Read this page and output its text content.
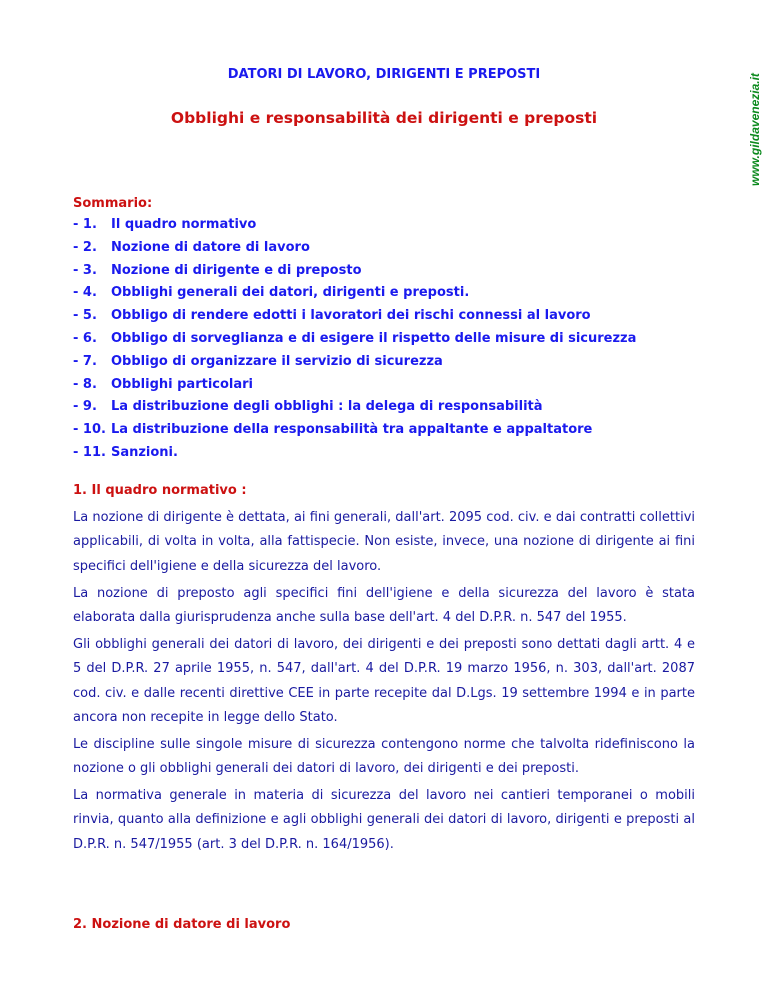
www.gildavenezia.it
DATORI DI LAVORO, DIRIGENTI E PREPOSTI
Obblighi e responsabilità dei dirigenti e preposti
Sommario:
- 1. Il quadro normativo
- 2. Nozione di datore di lavoro
- 3. Nozione di dirigente e di preposto
- 4. Obblighi generali dei datori, dirigenti e preposti.
- 5. Obbligo di rendere edotti i lavoratori dei rischi connessi al lavoro
- 6. Obbligo di sorveglianza e di esigere il rispetto delle misure di sicurezza
- 7. Obbligo di organizzare il servizio di sicurezza
- 8. Obblighi particolari
- 9. La distribuzione degli obblighi : la delega di responsabilità
- 10. La distribuzione della responsabilità tra appaltante e appaltatore
- 11. Sanzioni.
1. Il quadro normativo :

La nozione di dirigente è dettata, ai fini generali, dall'art. 2095 cod. civ. e dai contratti collettivi applicabili, di volta in volta, alla fattispecie. Non esiste, invece, una nozione di dirigente ai fini specifici dell'igiene e della sicurezza del lavoro.

La nozione di preposto agli specifici fini dell'igiene e della sicurezza del lavoro è stata elaborata dalla giurisprudenza anche sulla base dell'art. 4 del D.P.R. n. 547 del 1955.

Gli obblighi generali dei datori di lavoro, dei dirigenti e dei preposti sono dettati dagli artt. 4 e 5 del D.P.R. 27 aprile 1955, n. 547, dall'art. 4 del D.P.R. 19 marzo 1956, n. 303, dall'art. 2087 cod. civ. e dalle recenti direttive CEE in parte recepite dal D.Lgs. 19 settembre 1994 e in parte ancora non recepite in legge dello Stato.

Le discipline sulle singole misure di sicurezza contengono norme che talvolta ridefiniscono la nozione o gli obblighi generali dei datori di lavoro, dei dirigenti e dei preposti.

La normativa generale in materia di sicurezza del lavoro nei cantieri temporanei o mobili rinvia, quanto alla definizione e agli obblighi generali dei datori di lavoro, dirigenti e preposti al D.P.R. n. 547/1955 (art. 3 del D.P.R. n. 164/1956).

2. Nozione di datore di lavoro
